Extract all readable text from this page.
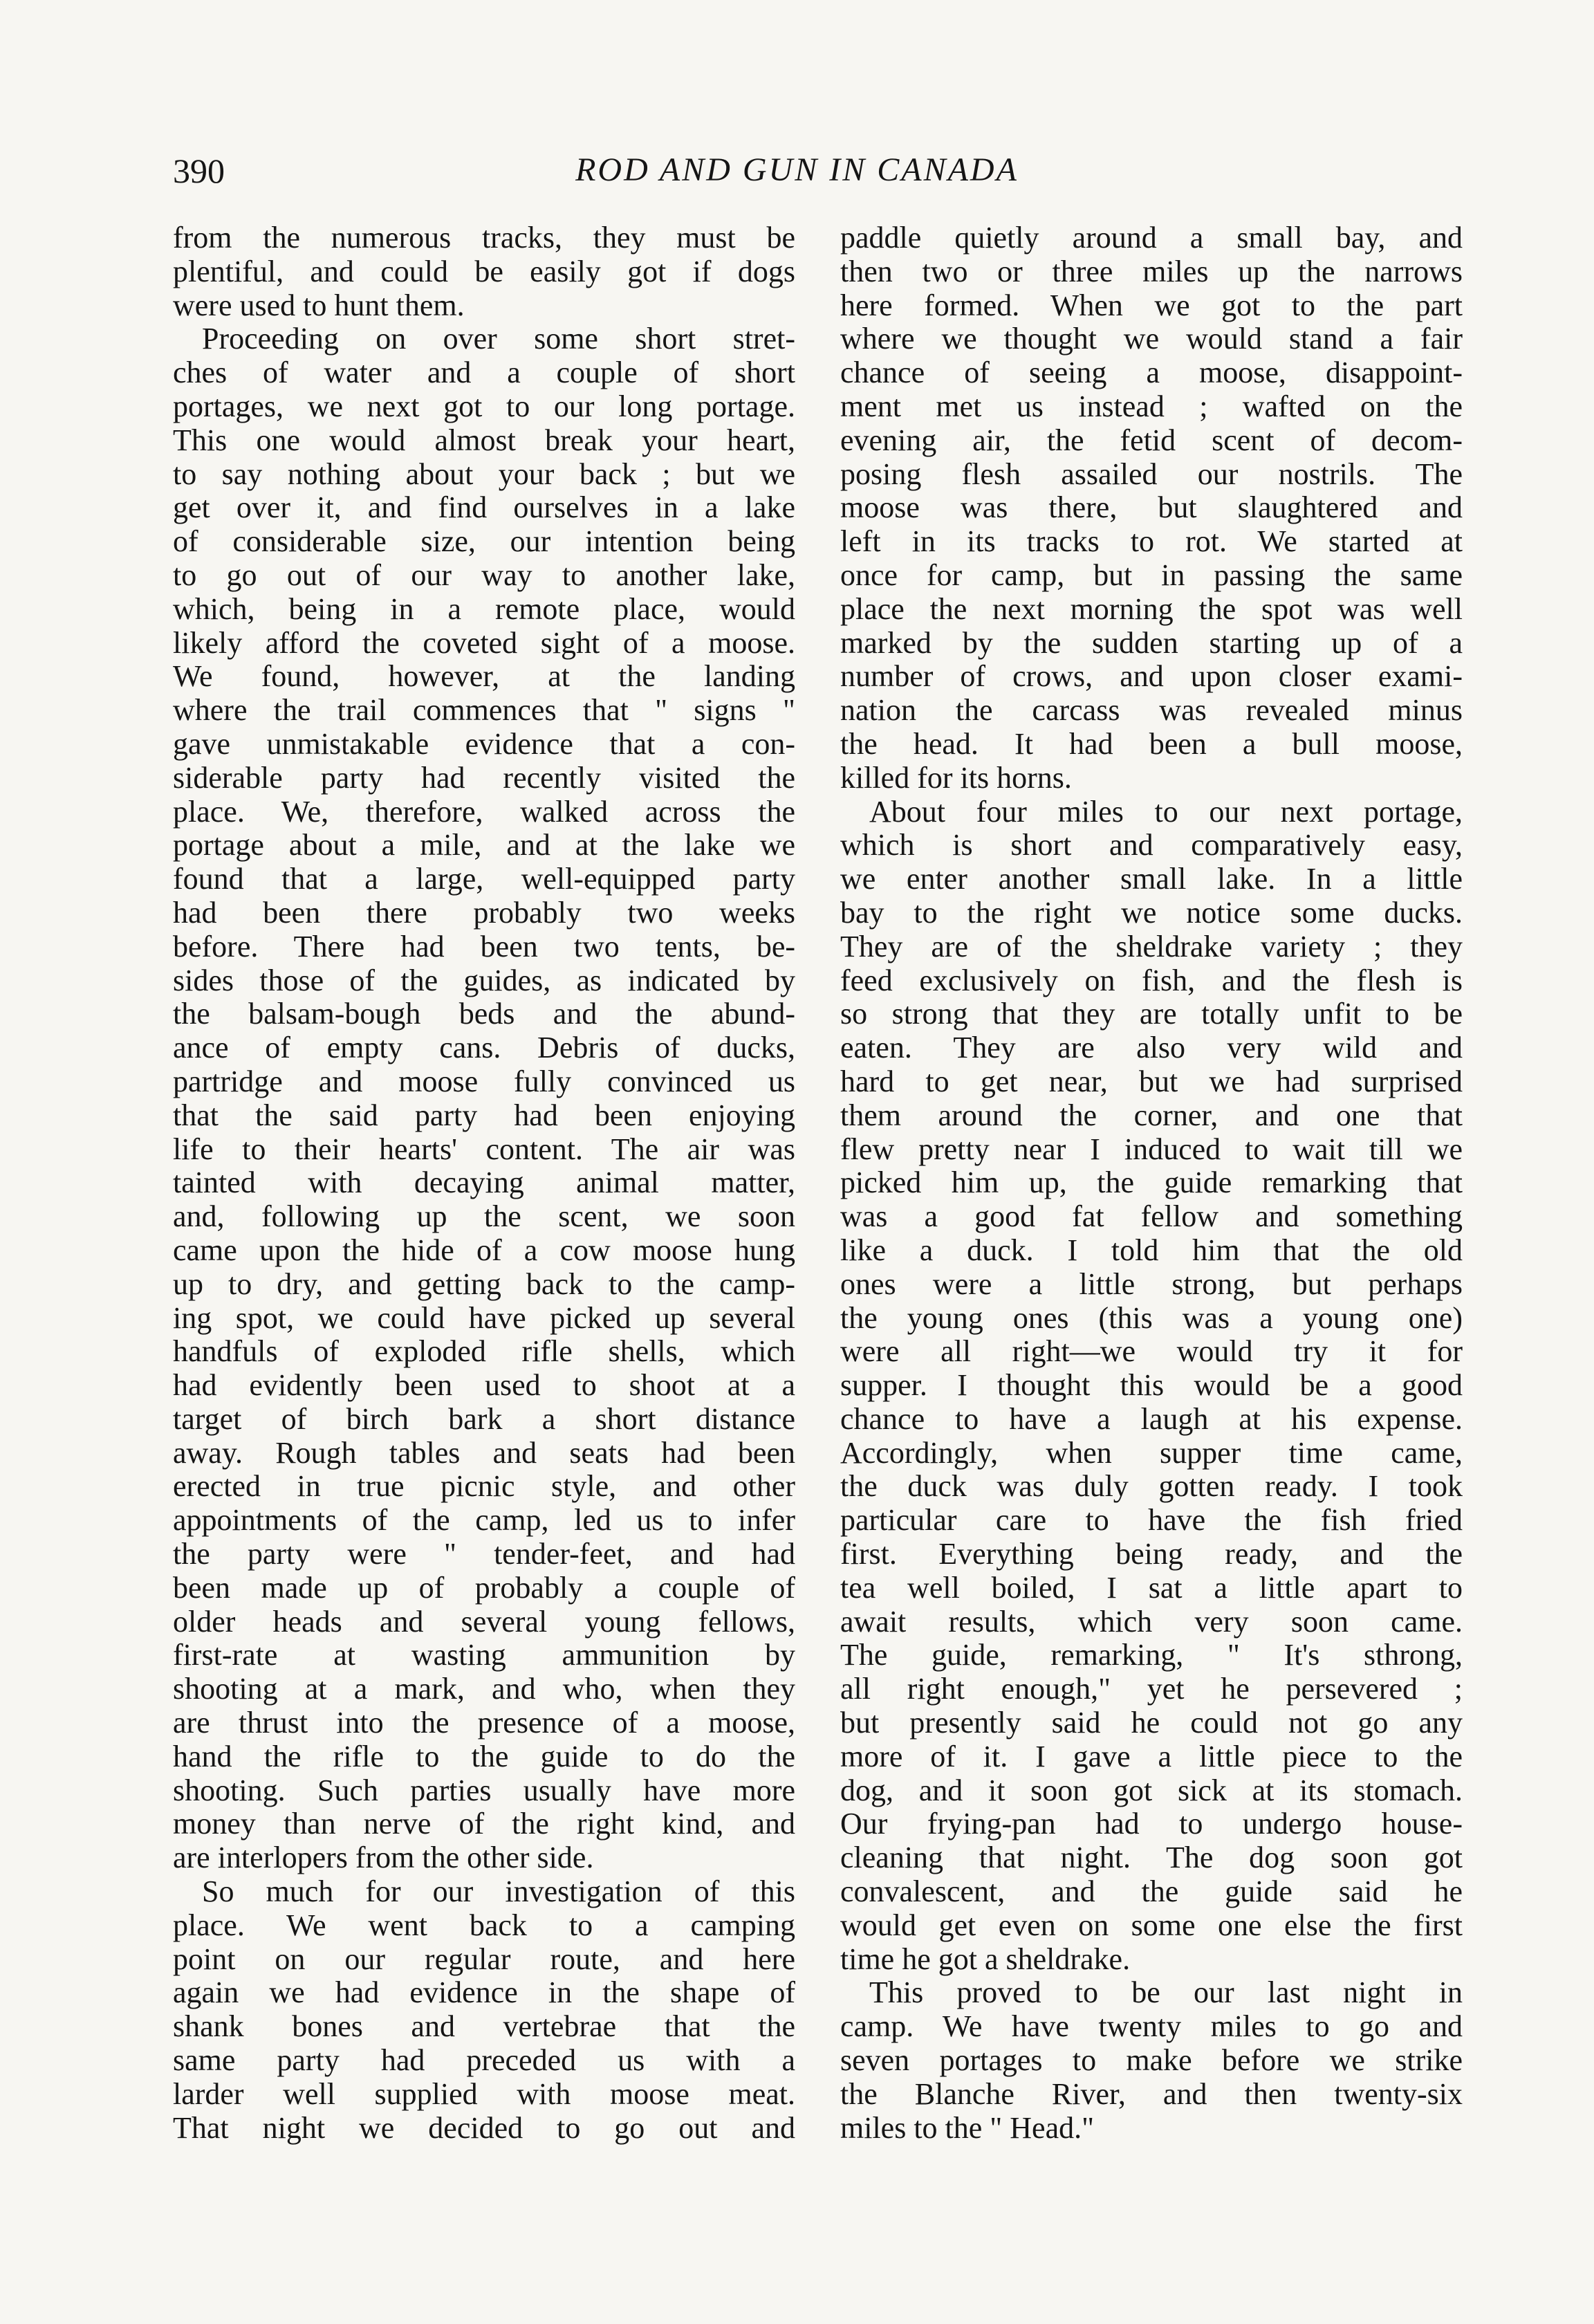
390	ROD AND GUN IN CANADA
from the numerous tracks, they must be
plentiful, and could be easily got if dogs
were used to hunt them.
Proceeding on over some short stret-
ches of water and a couple of short
portages, we next got to our long portage.
This one would almost break your heart,
to say nothing about your back ; but we
get over it, and find ourselves in a lake
of considerable size, our intention being
to go out of our way to another lake,
which, being in a remote place, would
likely afford the coveted sight of a moose.
We found, however, at the landing
where the trail commences that " signs "
gave unmistakable evidence that a con-
siderable party had recently visited the
place. We, therefore, walked across the
portage about a mile, and at the lake we
found that a large, well-equipped party
had been there probably two weeks
before. There had been two tents, be-
sides those of the guides, as indicated by
the balsam-bough beds and the abund-
ance of empty cans. Debris of ducks,
partridge and moose fully convinced us
that the said party had been enjoying
life to their hearts' content. The air was
tainted with decaying animal matter,
and, following up the scent, we soon
came upon the hide of a cow moose hung
up to dry, and getting back to the camp-
ing spot, we could have picked up several
handfuls of exploded rifle shells, which
had evidently been used to shoot at a
target of birch bark a short distance
away. Rough tables and seats had been
erected in true picnic style, and other
appointments of the camp, led us to infer
the party were " tender-feet, and had
been made up of probably a couple of
older heads and several young fellows,
first-rate at wasting ammunition by
shooting at a mark, and who, when they
are thrust into the presence of a moose,
hand the rifle to the guide to do the
shooting. Such parties usually have more
money than nerve of the right kind, and
are interlopers from the other side.
So much for our investigation of this
place. We went back to a camping
point on our regular route, and here
again we had evidence in the shape of
shank bones and vertebrae that the
same party had preceded us with a
larder well supplied with moose meat.
That night we decided to go out and
paddle quietly around a small bay, and
then two or three miles up the narrows
here formed. When we got to the part
where we thought we would stand a fair
chance of seeing a moose, disappoint-
ment met us instead ; wafted on the
evening air, the fetid scent of decom-
posing flesh assailed our nostrils. The
moose was there, but slaughtered and
left in its tracks to rot. We started at
once for camp, but in passing the same
place the next morning the spot was well
marked by the sudden starting up of a
number of crows, and upon closer exami-
nation the carcass was revealed minus
the head. It had been a bull moose,
killed for its horns.
About four miles to our next portage,
which is short and comparatively easy,
we enter another small lake. In a little
bay to the right we notice some ducks.
They are of the sheldrake variety ; they
feed exclusively on fish, and the flesh is
so strong that they are totally unfit to be
eaten. They are also very wild and
hard to get near, but we had surprised
them around the corner, and one that
flew pretty near I induced to wait till we
picked him up, the guide remarking that
was a good fat fellow and something
like a duck. I told him that the old
ones were a little strong, but perhaps
the young ones (this was a young one)
were all right—we would try it for
supper. I thought this would be a good
chance to have a laugh at his expense.
Accordingly, when supper time came,
the duck was duly gotten ready. I took
particular care to have the fish fried
first. Everything being ready, and the
tea well boiled, I sat a little apart to
await results, which very soon came.
The guide, remarking, " It's sthrong,
all right enough," yet he persevered ;
but presently said he could not go any
more of it. I gave a little piece to the
dog, and it soon got sick at its stomach.
Our frying-pan had to undergo house-
cleaning that night. The dog soon got
convalescent, and the guide said he
would get even on some one else the first
time he got a sheldrake.
This proved to be our last night in
camp. We have twenty miles to go and
seven portages to make before we strike
the Blanche River, and then twenty-six
miles to the " Head."
